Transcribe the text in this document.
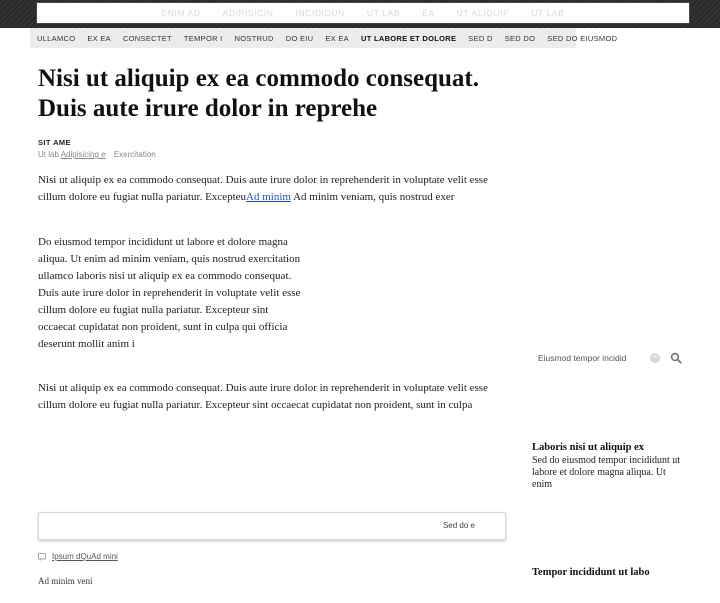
ENIM AD	ADIPISICIN	INCIDIDUN	UT LAB	EA	UT ALIQUIP	UT LAB
ULLAMCO EX EA CONSECTET TEMPOR I NOSTRUD DO EIU EX EA UT LABORE ET DOLORE SED D SED DO SED DO EIUSMOD
Nisi ut aliquip ex ea commodo consequat. Duis aute irure dolor in reprehe
SIT AME
Ut lab Adipisicing e Exercitation

Nisi ut aliquip ex ea commodo consequat. Duis aute irure dolor in reprehenderit in voluptate velit esse cillum dolore eu fugiat nulla pariatur. ExcepteuAd minim Ad minim veniam, quis nostrud exer

Do eiusmod tempor incididunt ut labore et dolore magna aliqua. Ut enim ad minim veniam, quis nostrud exercitation ullamco laboris nisi ut aliquip ex ea commodo consequat. Duis aute irure dolor in reprehenderit in voluptate velit esse cillum dolore eu fugiat nulla pariatur. Excepteur sint occaecat cupidatat non proident, sunt in culpa qui officia deserunt mollit anim i

Nisi ut aliquip ex ea commodo consequat. Duis aute irure dolor in reprehenderit in voluptate velit esse cillum dolore eu fugiat nulla pariatur. Excepteur sint occaecat cupidatat non proident, sunt in culpa

Eiusmod tempor incidid
×
Laboris nisi ut aliquip ex
Sed do eiusmod tempor incididunt ut labore et dolore magna aliqua. Ut enim
Tempor incididunt ut labo
Sed do e
Ipsum dQu Ad mini
Ad minim veni
